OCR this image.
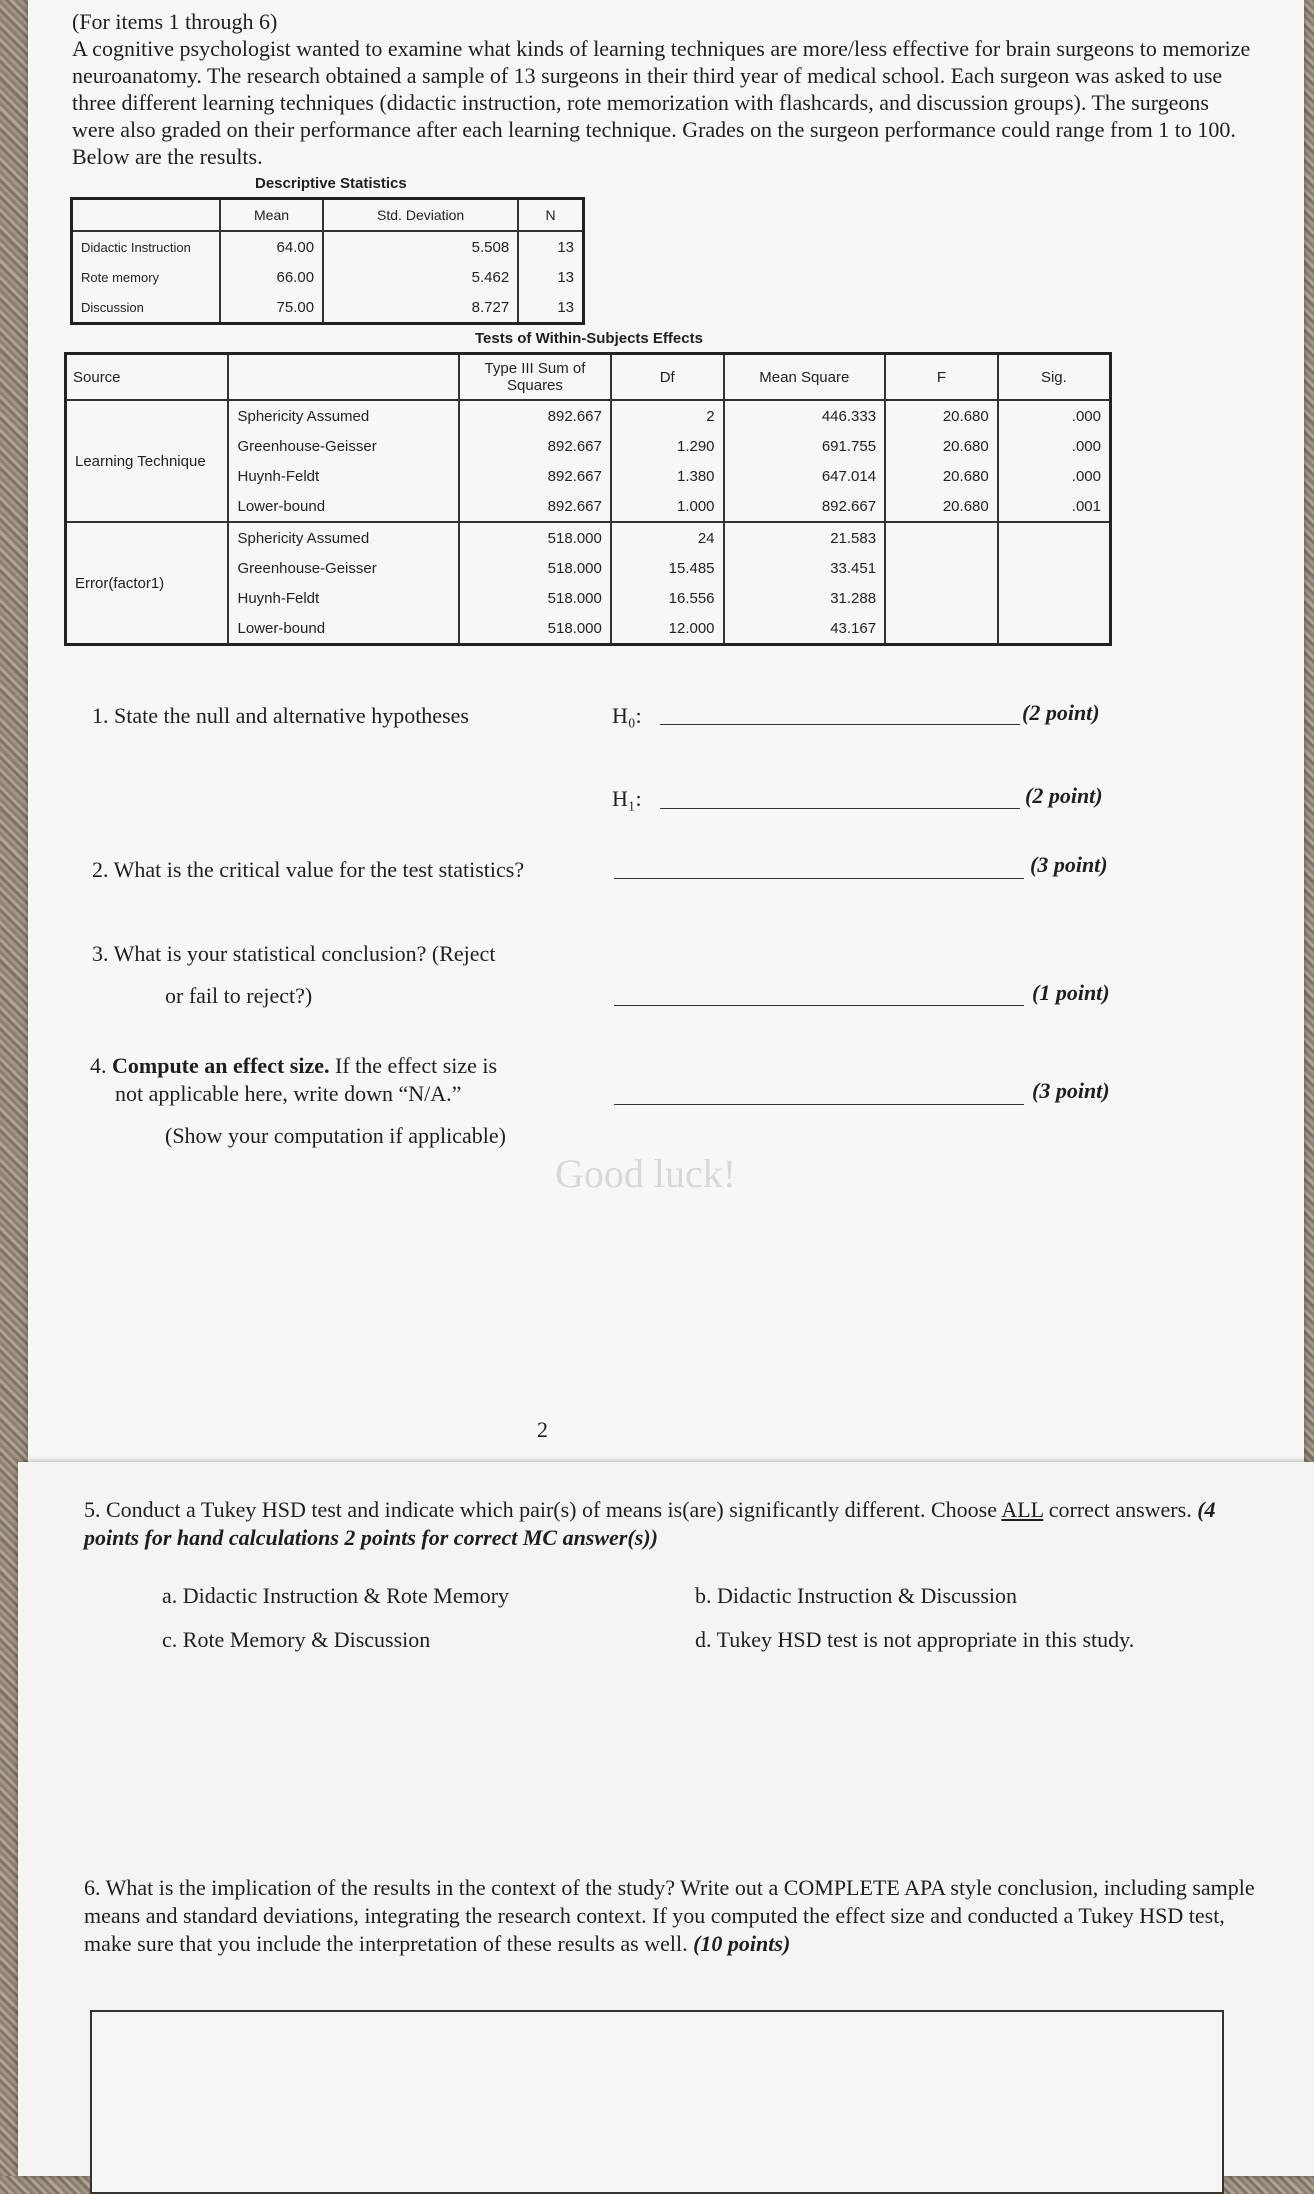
(For items 1 through 6)

A cognitive psychologist wanted to examine what kinds of learning techniques are more/less effective for brain surgeons to memorize neuroanatomy. The research obtained a sample of 13 surgeons in their third year of medical school. Each surgeon was asked to use three different learning techniques (didactic instruction, rote memorization with flashcards, and discussion groups). The surgeons were also graded on their performance after each learning technique. Grades on the surgeon performance could range from 1 to 100. Below are the results.

Descriptive Statistics
	Mean	Std. Deviation	N
Didactic Instruction	64.00	5.508	13
Rote memory	66.00	5.462	13
Discussion	75.00	8.727	13
Tests of Within-Subjects Effects
Source		Type III Sum of Squares	Df	Mean Square	F	Sig.
Learning Technique	Sphericity Assumed	892.667	2	446.333	20.680	.000
	Greenhouse-Geisser	892.667	1.290	691.755	20.680	.000
	Huynh-Feldt	892.667	1.380	647.014	20.680	.000
	Lower-bound	892.667	1.000	892.667	20.680	.001
Error(factor1)	Sphericity Assumed	518.000	24	21.583		
	Greenhouse-Geisser	518.000	15.485	33.451		
	Huynh-Feldt	518.000	16.556	31.288		
	Lower-bound	518.000	12.000	43.167		
1. State the null and alternative hypotheses	H₀:	(2 point)
H₁:	(2 point)
2. What is the critical value for the test statistics?	(3 point)
3. What is your statistical conclusion? (Reject
or fail to reject?)	(1 point)
4. Compute an effect size. If the effect size is
not applicable here, write down “N/A.”
(Show your computation if applicable)
(3 point)
Good luck!
2
5. Conduct a Tukey HSD test and indicate which pair(s) of means is(are) significantly different. Choose ALL correct answers. (4 points for hand calculations 2 points for correct MC answer(s))
a. Didactic Instruction & Rote Memory	b. Didactic Instruction & Discussion
c. Rote Memory & Discussion	d. Tukey HSD test is not appropriate in this study.
6. What is the implication of the results in the context of the study? Write out a COMPLETE APA style conclusion, including sample means and standard deviations, integrating the research context. If you computed the effect size and conducted a Tukey HSD test, make sure that you include the interpretation of these results as well. (10 points)
